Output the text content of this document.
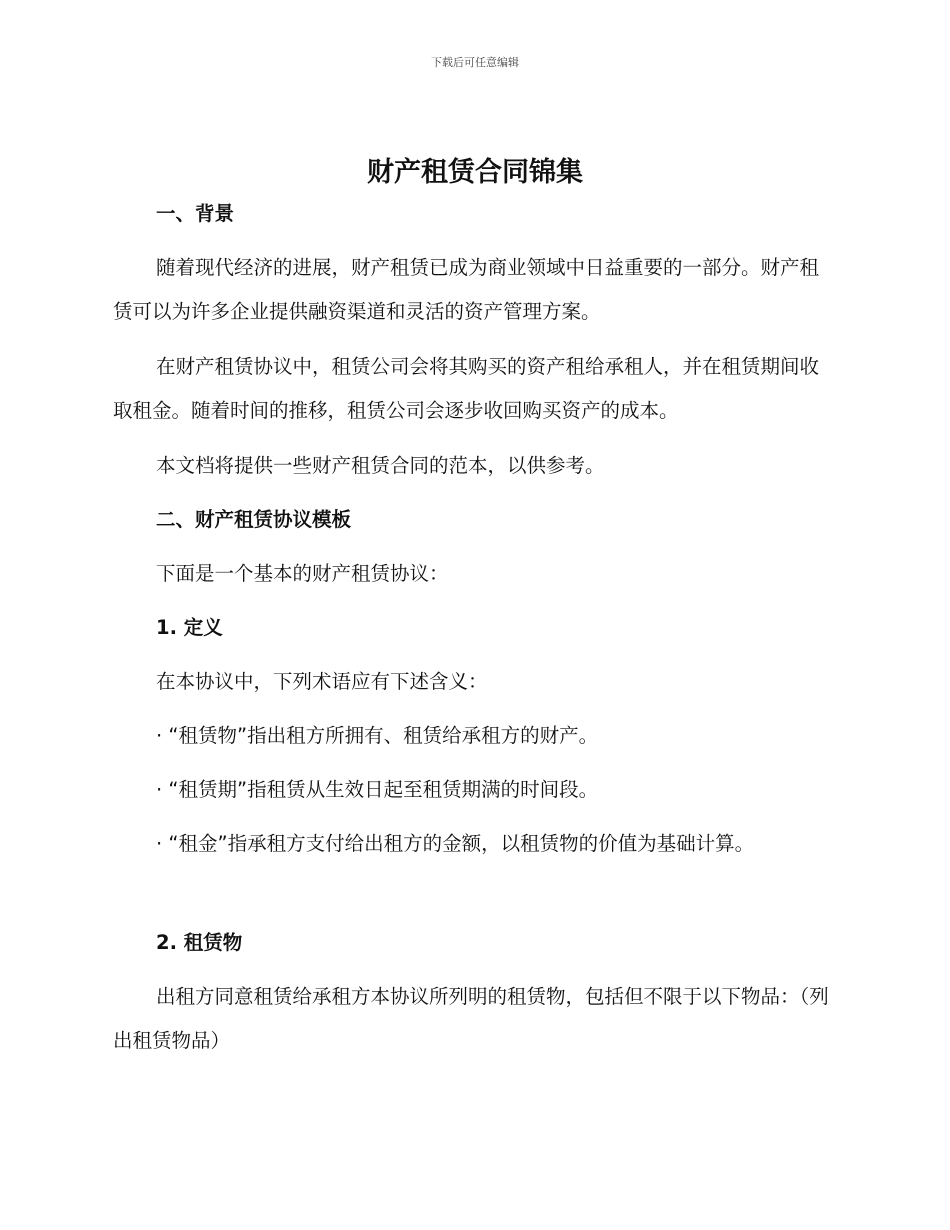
下载后可任意编辑
财产租赁合同锦集

一、背景

随着现代经济的进展，财产租赁已成为商业领域中日益重要的一部分。财产租赁可以为许多企业提供融资渠道和灵活的资产管理方案。

在财产租赁协议中，租赁公司会将其购买的资产租给承租人，并在租赁期间收取租金。随着时间的推移，租赁公司会逐步收回购买资产的成本。

本文档将提供一些财产租赁合同的范本，以供参考。

二、财产租赁协议模板

下面是一个基本的财产租赁协议：

1. 定义

在本协议中，下列术语应有下述含义：

· “租赁物”指出租方所拥有、租赁给承租方的财产。

· “租赁期”指租赁从生效日起至租赁期满的时间段。

· “租金”指承租方支付给出租方的金额，以租赁物的价值为基础计算。

2. 租赁物

出租方同意租赁给承租方本协议所列明的租赁物，包括但不限于以下物品：（列出租赁物品）
